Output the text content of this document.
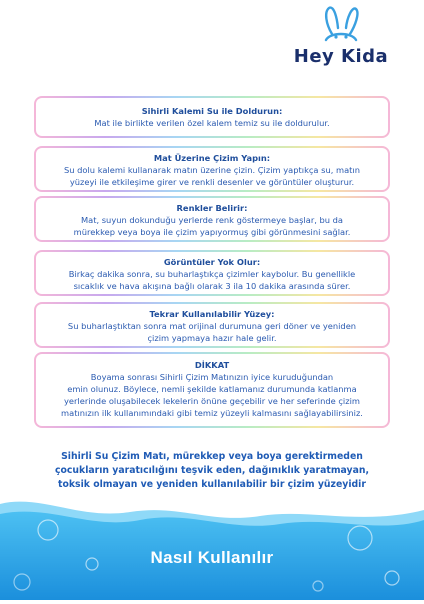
Hey Kida
Sihirli Kalemi Su ile Doldurun:
Mat ile birlikte verilen özel kalem temiz su ile doldurulur.
Mat Üzerine Çizim Yapın:
Su dolu kalemi kullanarak matın üzerine çizin. Çizim yaptıkça su, matın
yüzeyi ile etkileşime girer ve renkli desenler ve görüntüler oluşturur.
Renkler Belirir:
Mat, suyun dokunduğu yerlerde renk göstermeye başlar, bu da
mürekkep veya boya ile çizim yapıyormuş gibi görünmesini sağlar.
Görüntüler Yok Olur:
Birkaç dakika sonra, su buharlaştıkça çizimler kaybolur. Bu genellikle
sıcaklık ve hava akışına bağlı olarak 3 ila 10 dakika arasında sürer.
Tekrar Kullanılabilir Yüzey:
Su buharlaştıktan sonra mat orijinal durumuna geri döner ve yeniden
çizim yapmaya hazır hale gelir.
DİKKAT
Boyama sonrası Sihirli Çizim Matınızın iyice kuruduğundan
emin olunuz. Böylece, nemli şekilde katlamanız durumunda katlanma
yerlerinde oluşabilecek lekelerin önüne geçebilir ve her seferinde çizim
matınızın ilk kullanımındaki gibi temiz yüzeyli kalmasını sağlayabilirsiniz.
Sihirli Su Çizim Matı, mürekkep veya boya gerektirmeden
çocukların yaratıcılığını teşvik eden, dağınıklık yaratmayan,
toksik olmayan ve yeniden kullanılabilir bir çizim yüzeyidir
Nasıl Kullanılır
